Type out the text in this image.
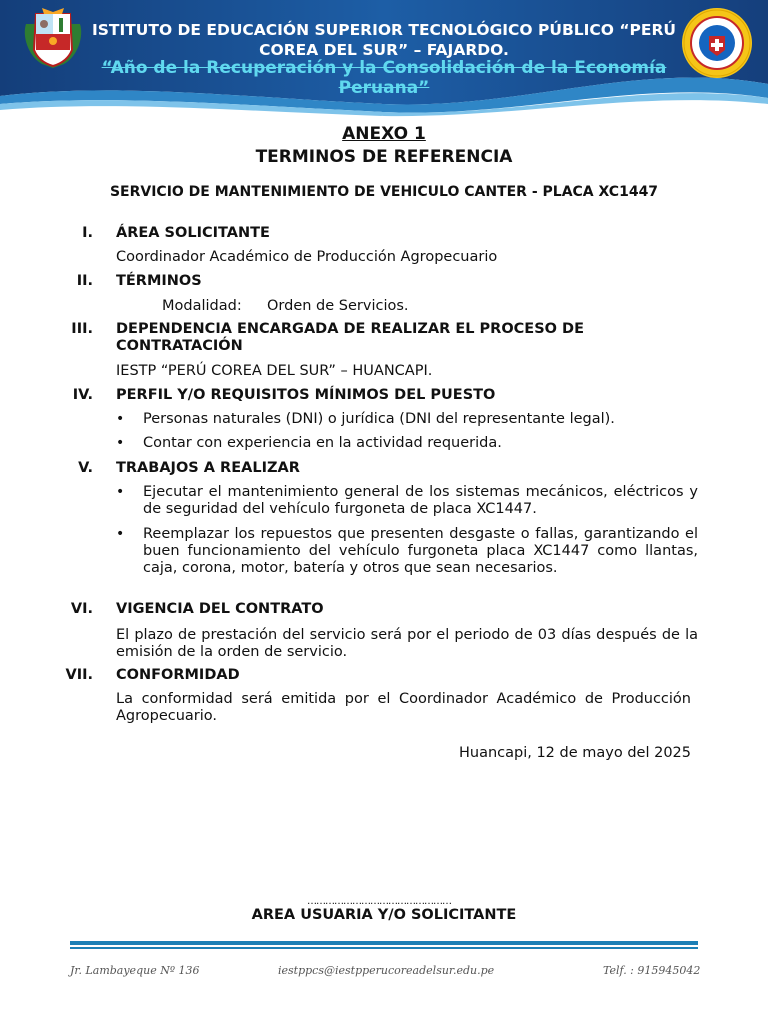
ISTITUTO DE EDUCACIÓN SUPERIOR TECNOLÓGICO PÚBLICO “PERÚ
COREA DEL SUR” – FAJARDO.
“Año de la Recuperación y la Consolidación de la Economía
Peruana”
ANEXO 1
TERMINOS DE REFERENCIA
SERVICIO DE MANTENIMIENTO DE VEHICULO CANTER - PLACA XC1447
I. ÁREA SOLICITANTE
Coordinador Académico de Producción Agropecuario
II. TÉRMINOS
Modalidad: Orden de Servicios.
III. DEPENDENCIA ENCARGADA DE REALIZAR EL PROCESO DE
CONTRATACIÓN
IESTP “PERÚ COREA DEL SUR” – HUANCAPI.
IV. PERFIL Y/O REQUISITOS MÍNIMOS DEL PUESTO
• Personas naturales (DNI) o jurídica (DNI del representante legal).
• Contar con experiencia en la actividad requerida.
V. TRABAJOS A REALIZAR
• Ejecutar el mantenimiento general de los sistemas mecánicos, eléctricos y de seguridad del vehículo furgoneta de placa XC1447.
• Reemplazar los repuestos que presenten desgaste o fallas, garantizando el buen funcionamiento del vehículo furgoneta placa XC1447 como llantas, caja, corona, motor, batería y otros que sean necesarios.
VI. VIGENCIA DEL CONTRATO
El plazo de prestación del servicio será por el periodo de 03 días después de la emisión de la orden de servicio.
VII. CONFORMIDAD
La conformidad será emitida por el Coordinador Académico de Producción Agropecuario.
Huancapi, 12 de mayo del 2025
…………………………………………
AREA USUARIA Y/O SOLICITANTE
Jr. Lambayeque Nº 136	iestppcs@iestpperucoreadelsur.edu.pe	Telf. : 915945042
